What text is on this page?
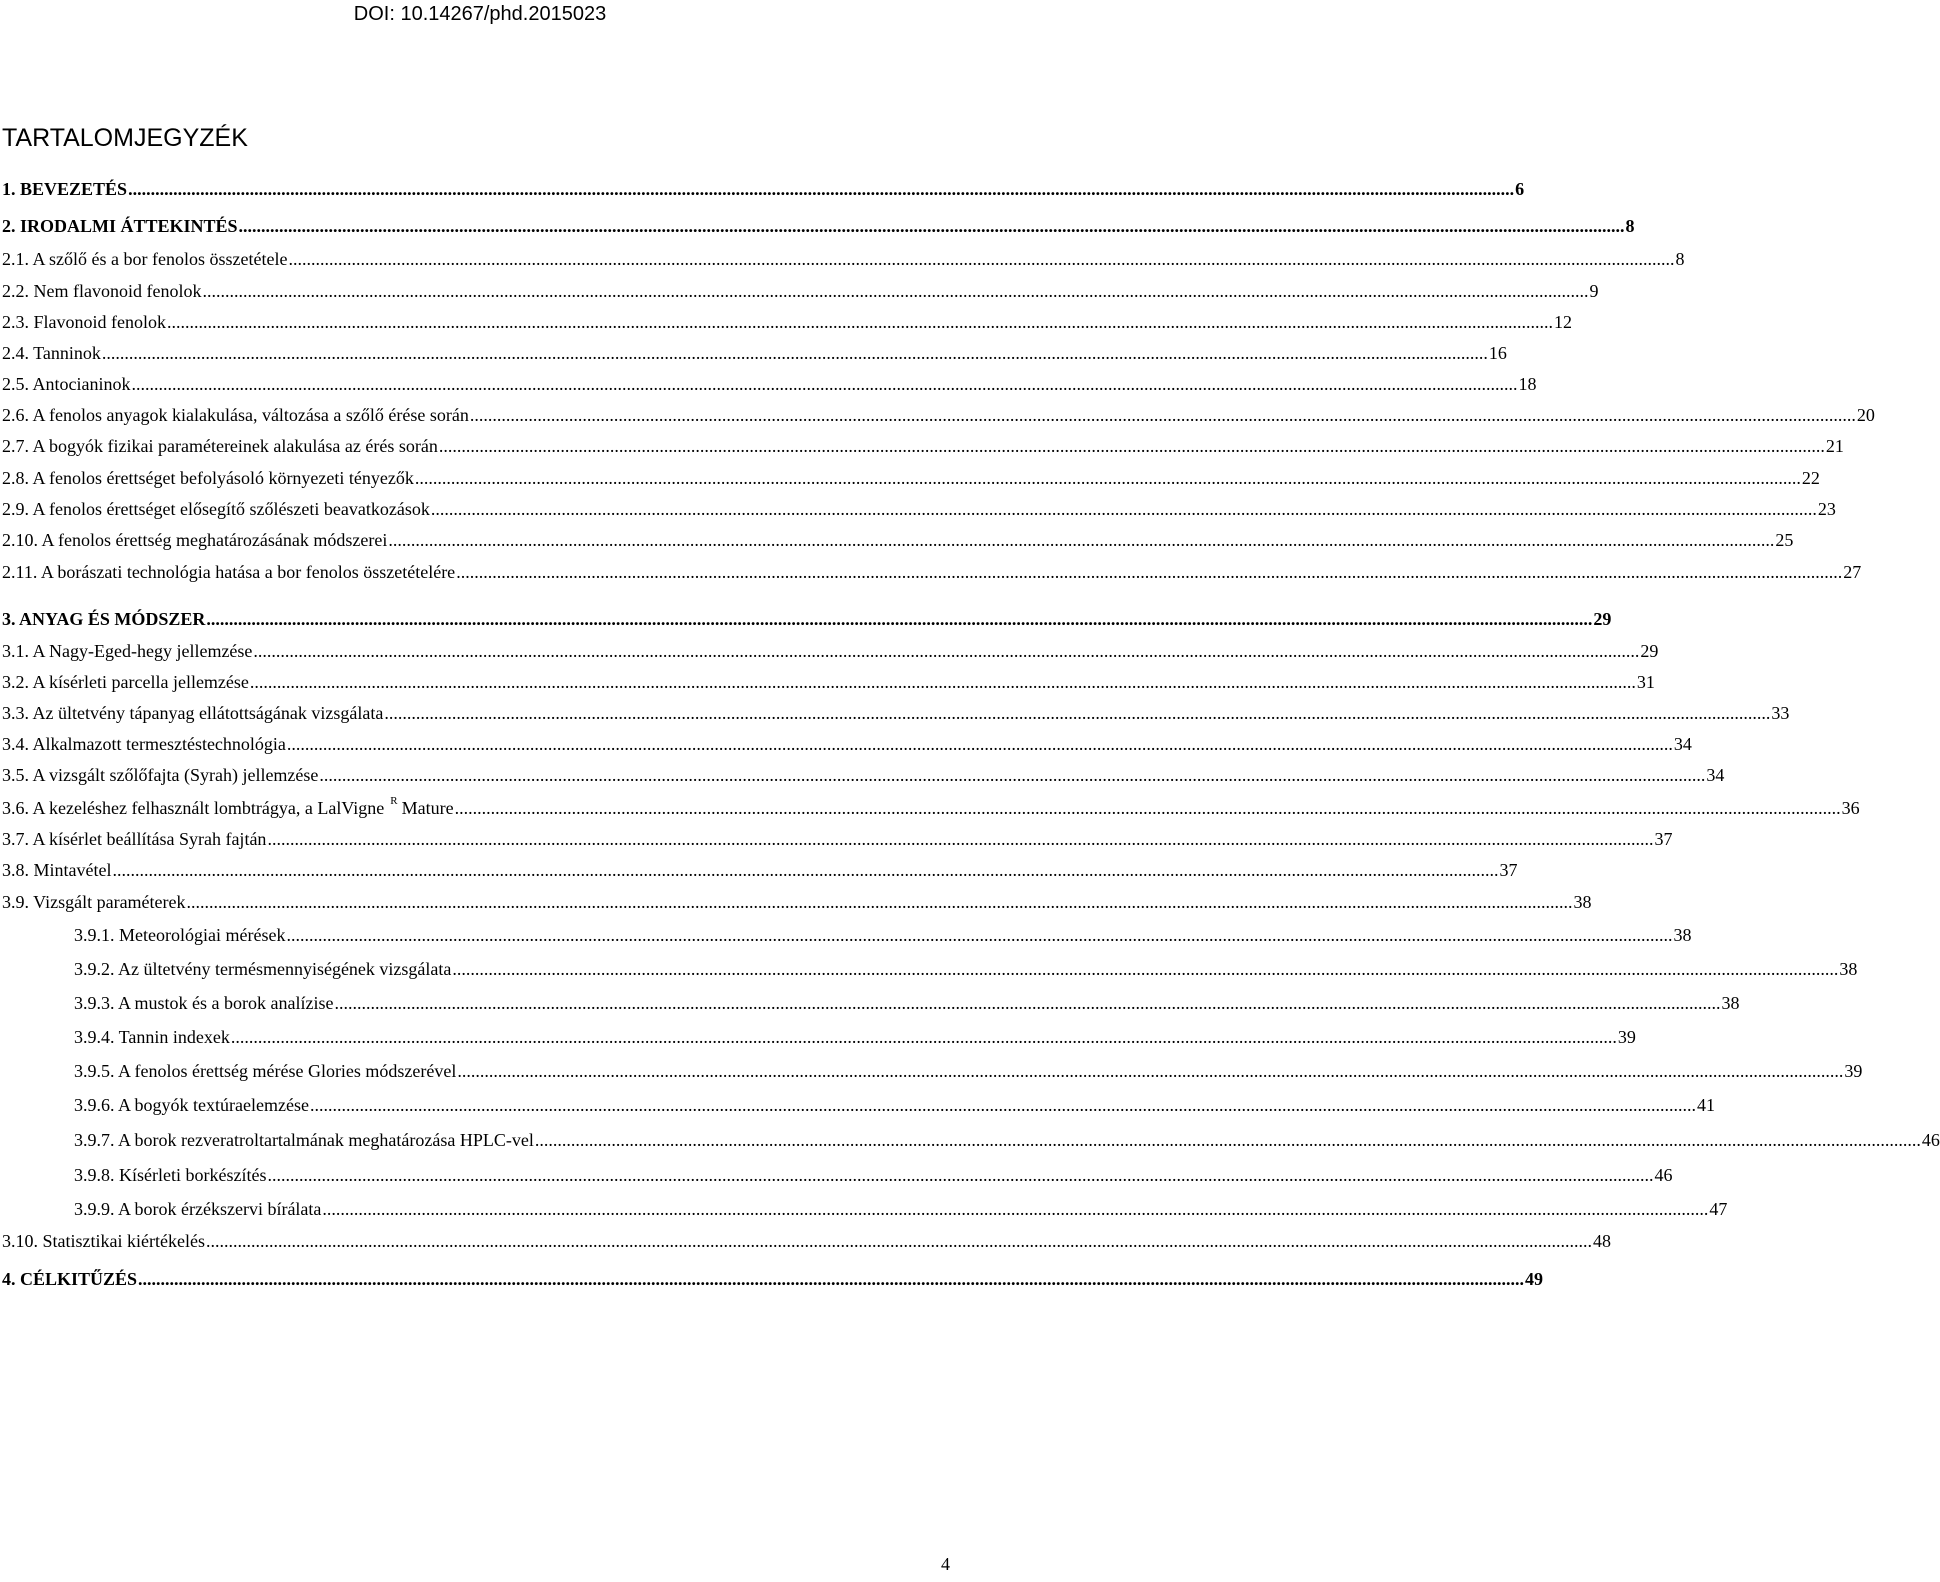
DOI: 10.14267/phd.2015023
TARTALOMJEGYZÉK
1. BEVEZETÉS .....	6
2. IRODALMI ÁTTEKINTÉS .....	8
2.1. A szőlő és a bor fenolos összetétele .....	8
2.2. Nem flavonoid fenolok .....	9
2.3. Flavonoid fenolok .....	12
2.4. Tanninok .....	16
2.5. Antocianinok .....	18
2.6. A fenolos anyagok kialakulása, változása a szőlő érése során .....	20
2.7. A bogyók fizikai paramétereinek alakulása az érés során .....	21
2.8. A fenolos érettséget befolyásoló környezeti tényezők .....	22
2.9. A fenolos érettséget elősegítő szőlészeti beavatkozások .....	23
2.10. A fenolos érettség meghatározásának módszerei .....	25
2.11. A borászati technológia hatása a bor fenolos összetételére .....	27
3. ANYAG ÉS MÓDSZER .....	29
3.1. A Nagy-Eged-hegy jellemzése .....	29
3.2. A kísérleti parcella jellemzése .....	31
3.3. Az ültetvény tápanyag ellátottságának vizsgálata .....	33
3.4. Alkalmazott termesztéstechnológia .....	34
3.5. A vizsgált szőlőfajta (Syrah) jellemzése .....	34
3.6. A kezeléshez felhasznált lombtrágya, a LalVigne $^R$ Mature .....	36
3.7. A kísérlet beállítása Syrah fajtán .....	37
3.8. Mintavétel .....	37
3.9. Vizsgált paraméterek .....	38
3.9.1. Meteorológiai mérések .....	38
3.9.2. Az ültetvény termésmennyiségének vizsgálata .....	38
3.9.3. A mustok és a borok analízise .....	38
3.9.4. Tannin indexek .....	39
3.9.5. A fenolos érettség mérése Glories módszerével .....	39
3.9.6. A bogyók textúraelemzése .....	41
3.9.7. A borok rezveratroltartalmának meghatározása HPLC-vel .....	46
3.9.8. Kísérleti borkészítés .....	46
3.9.9. A borok érzékszervi bírálata .....	47
3.10. Statisztikai kiértékelés .....	48
4. CÉLKITŰZÉS .....	49
4
